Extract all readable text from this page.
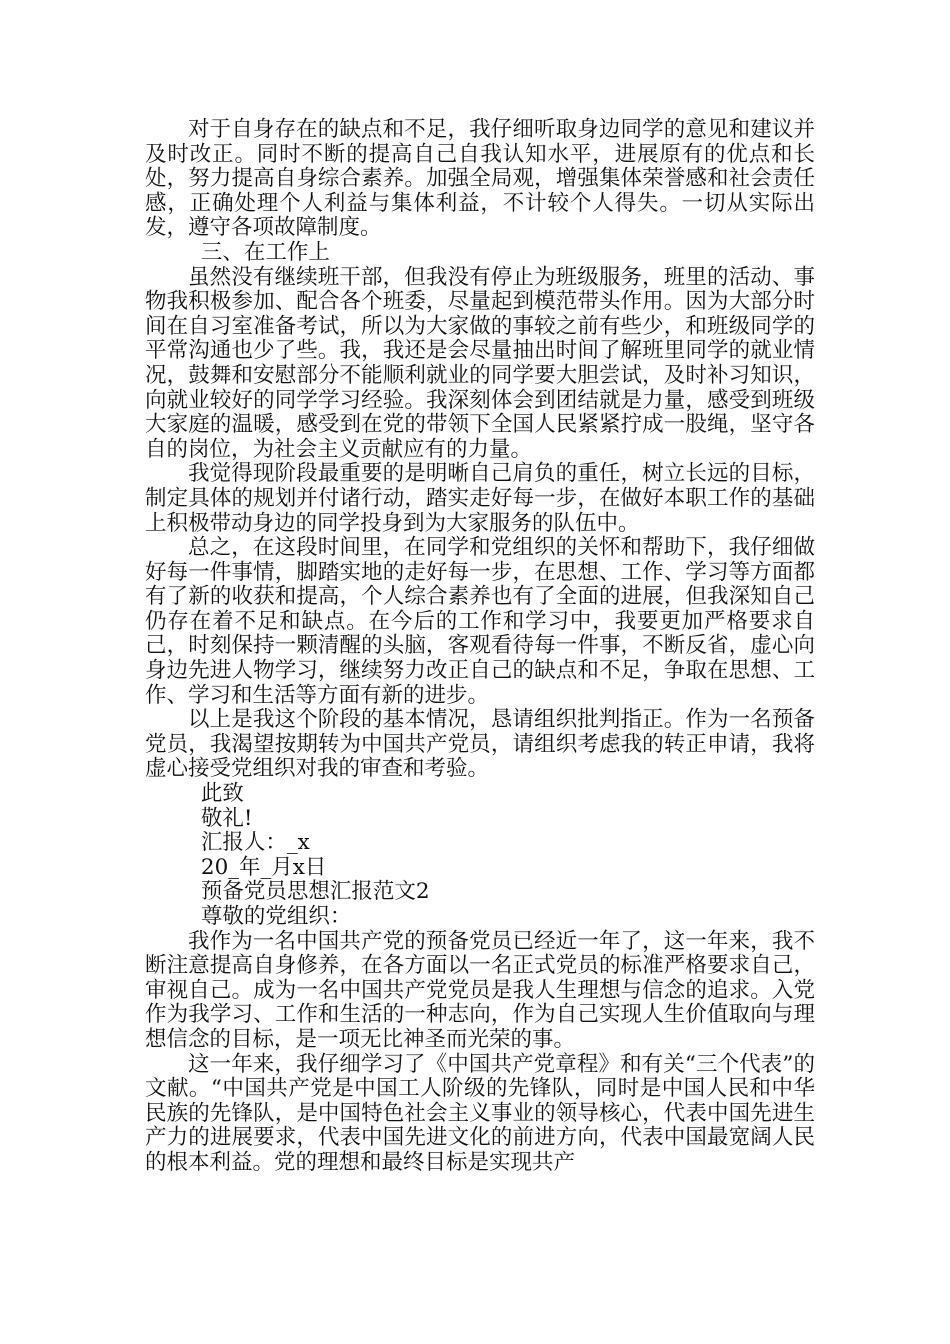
对于自身存在的缺点和不足，我仔细听取身边同学的意见和建议并及时改正。同时不断的提高自己自我认知水平，进展原有的优点和长处，努力提高自身综合素养。加强全局观，增强集体荣誉感和社会责任感，正确处理个人利益与集体利益，不计较个人得失。一切从实际出发，遵守各项故障制度。

三、在工作上

虽然没有继续班干部，但我没有停止为班级服务，班里的活动、事物我积极参加、配合各个班委，尽量起到模范带头作用。因为大部分时间在自习室准备考试，所以为大家做的事较之前有些少，和班级同学的平常沟通也少了些。我，我还是会尽量抽出时间了解班里同学的就业情况，鼓舞和安慰部分不能顺利就业的同学要大胆尝试，及时补习知识，向就业较好的同学学习经验。我深刻体会到团结就是力量，感受到班级大家庭的温暖，感受到在党的带领下全国人民紧紧拧成一股绳，坚守各自的岗位，为社会主义贡献应有的力量。

我觉得现阶段最重要的是明晰自己肩负的重任，树立长远的目标，制定具体的规划并付诸行动，踏实走好每一步，在做好本职工作的基础上积极带动身边的同学投身到为大家服务的队伍中。

总之，在这段时间里，在同学和党组织的关怀和帮助下，我仔细做好每一件事情，脚踏实地的走好每一步，在思想、工作、学习等方面都有了新的收获和提高，个人综合素养也有了全面的进展，但我深知自己仍存在着不足和缺点。在今后的工作和学习中，我要更加严格要求自己，时刻保持一颗清醒的头脑，客观看待每一件事，不断反省，虚心向身边先进人物学习，继续努力改正自己的缺点和不足，争取在思想、工作、学习和生活等方面有新的进步。

以上是我这个阶段的基本情况，恳请组织批判指正。作为一名预备党员，我渴望按期转为中国共产党员，请组织考虑我的转正申请，我将虚心接受党组织对我的审查和考验。

此致

敬礼!

汇报人：_x

20_年_月x日

预备党员思想汇报范文2

尊敬的党组织：

我作为一名中国共产党的预备党员已经近一年了，这一年来，我不断注意提高自身修养，在各方面以一名正式党员的标准严格要求自己，审视自己。成为一名中国共产党党员是我人生理想与信念的追求。入党作为我学习、工作和生活的一种志向，作为自己实现人生价值取向与理想信念的目标，是一项无比神圣而光荣的事。

这一年来，我仔细学习了《中国共产党章程》和有关“三个代表”的文献。“中国共产党是中国工人阶级的先锋队，同时是中国人民和中华民族的先锋队，是中国特色社会主义事业的领导核心，代表中国先进生产力的进展要求，代表中国先进文化的前进方向，代表中国最宽阔人民的根本利益。党的理想和最终目标是实现共产
